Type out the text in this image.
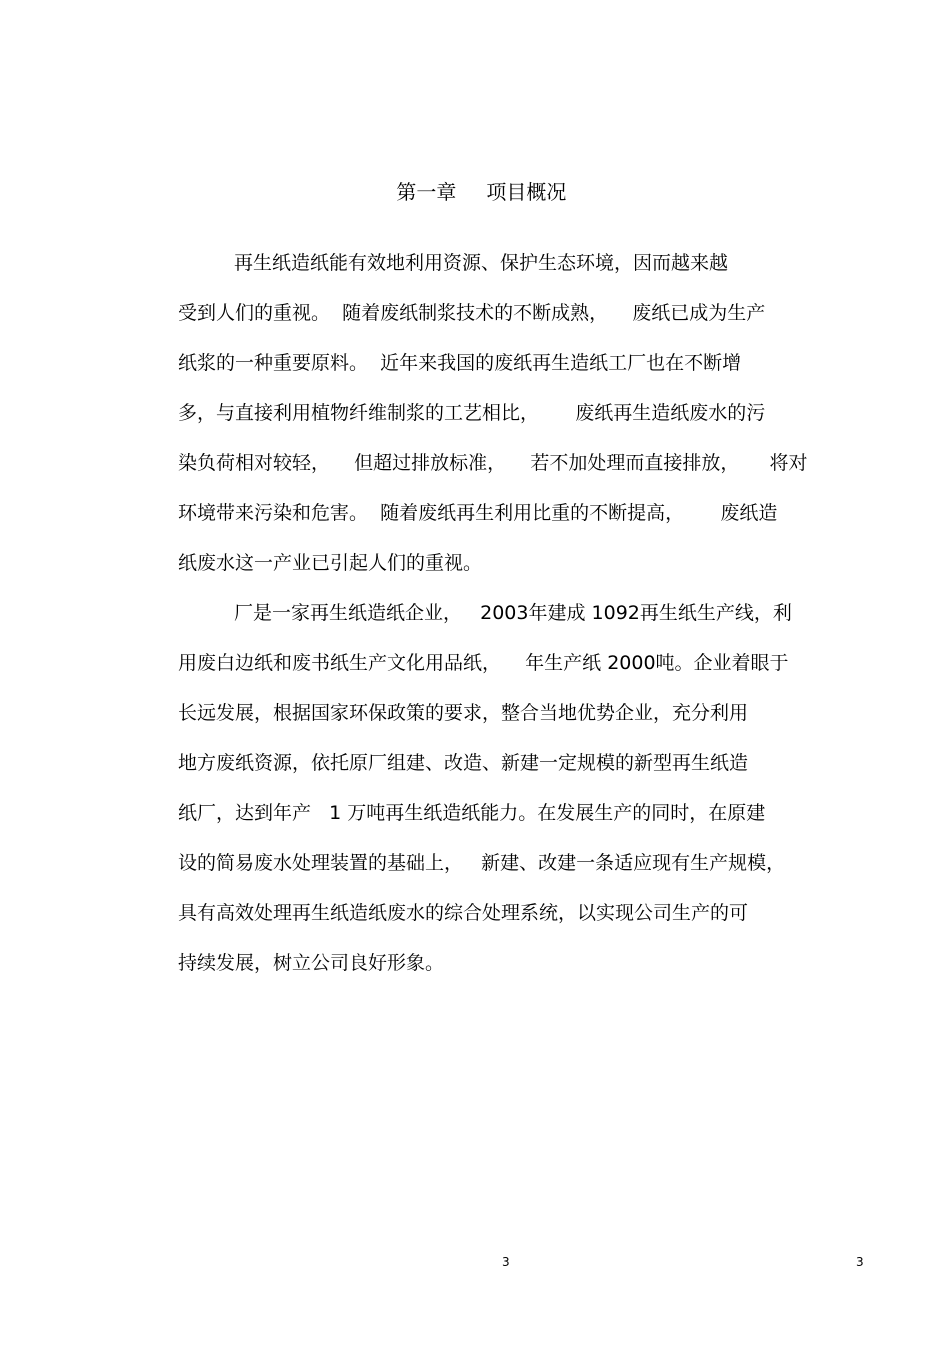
第一章 项目概况

再生纸造纸能有效地利用资源、保护生态环境，因而越来越
受到人们的重视。  随着废纸制浆技术的不断成熟，    废纸已成为生产
纸浆的一种重要原料。  近年来我国的废纸再生造纸工厂也在不断增
多，与直接利用植物纤维制浆的工艺相比，      废纸再生造纸废水的污
染负荷相对较轻，    但超过排放标准，    若不加处理而直接排放，     将对
环境带来污染和危害。  随着废纸再生利用比重的不断提高，      废纸造
纸废水这一产业已引起人们的重视。
厂是一家再生纸造纸企业，   2003年建成 1092再生纸生产线，利
用废白边纸和废书纸生产文化用品纸，    年生产纸 2000吨。企业着眼于
长远发展，根据国家环保政策的要求，整合当地优势企业，充分利用
地方废纸资源，依托原厂组建、改造、新建一定规模的新型再生纸造
纸厂，达到年产   1 万吨再生纸造纸能力。在发展生产的同时，在原建
设的简易废水处理装置的基础上，   新建、改建一条适应现有生产规模，
具有高效处理再生纸造纸废水的综合处理系统，以实现公司生产的可
持续发展，树立公司良好形象。
3	3
